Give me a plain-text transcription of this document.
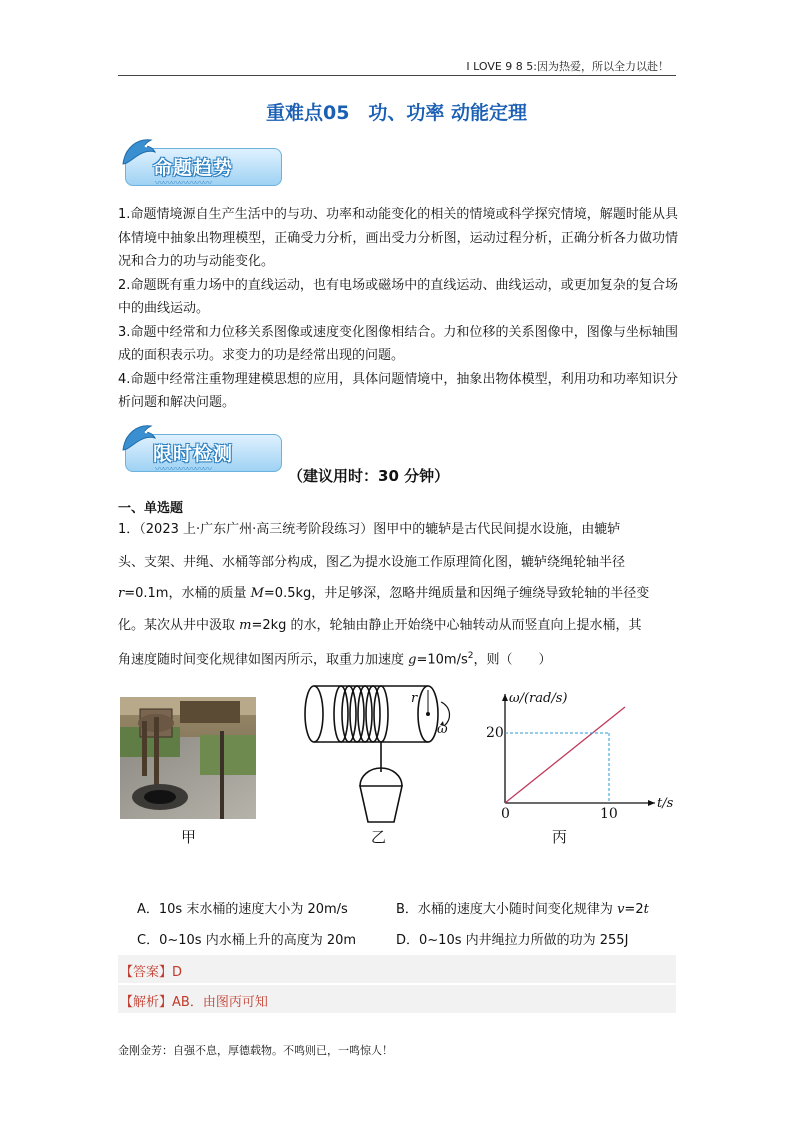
I LOVE 9 8 5:因为热爱，所以全力以赴！
重难点05　功、功率 动能定理
命题趋势
〰〰〰〰〰〰〰
1.命题情境源自生产生活中的与功、功率和动能变化的相关的情境或科学探究情境，解题时能从具体情境中抽象出物理模型，正确受力分析，画出受力分析图，运动过程分析，正确分析各力做功情况和合力的功与动能变化。
2.命题既有重力场中的直线运动，也有电场或磁场中的直线运动、曲线运动，或更加复杂的复合场中的曲线运动。
3.命题中经常和力位移关系图像或速度变化图像相结合。力和位移的关系图像中，图像与坐标轴围成的面积表示功。求变力的功是经常出现的问题。
4.命题中经常注重物理建模思想的应用，具体问题情境中，抽象出物体模型，利用功和功率知识分析问题和解决问题。
限时检测
〰〰〰〰〰〰〰	（建议用时：30 分钟）
一、单选题
1．（2023 上·广东广州·高三统考阶段练习）图甲中的辘轳是古代民间提水设施，由辘轳
头、支架、井绳、水桶等部分构成，图乙为提水设施工作原理简化图，辘轳绕绳轮轴半径
r=0.1m，水桶的质量 M=0.5kg，井足够深，忽略井绳质量和因绳子缠绕导致轮轴的半径变
化。某次从井中汲取 m=2kg 的水，轮轴由静止开始绕中心轴转动从而竖直向上提水桶，其
角速度随时间变化规律如图丙所示，取重力加速度 $g=10m/s^2$，则（　　）
甲
r
ω
乙
ω/(rad/s)
t/s
20
10
0
丙
A．10s 末水桶的速度大小为 20m/s	B．水桶的速度大小随时间变化规律为 v=2t
C．0~10s 内水桶上升的高度为 20m	D．0~10s 内井绳拉力所做的功为 255J
【答案】D
【解析】AB．由图丙可知
金刚金芳：自强不息，厚德载物。不鸣则已，一鸣惊人！
